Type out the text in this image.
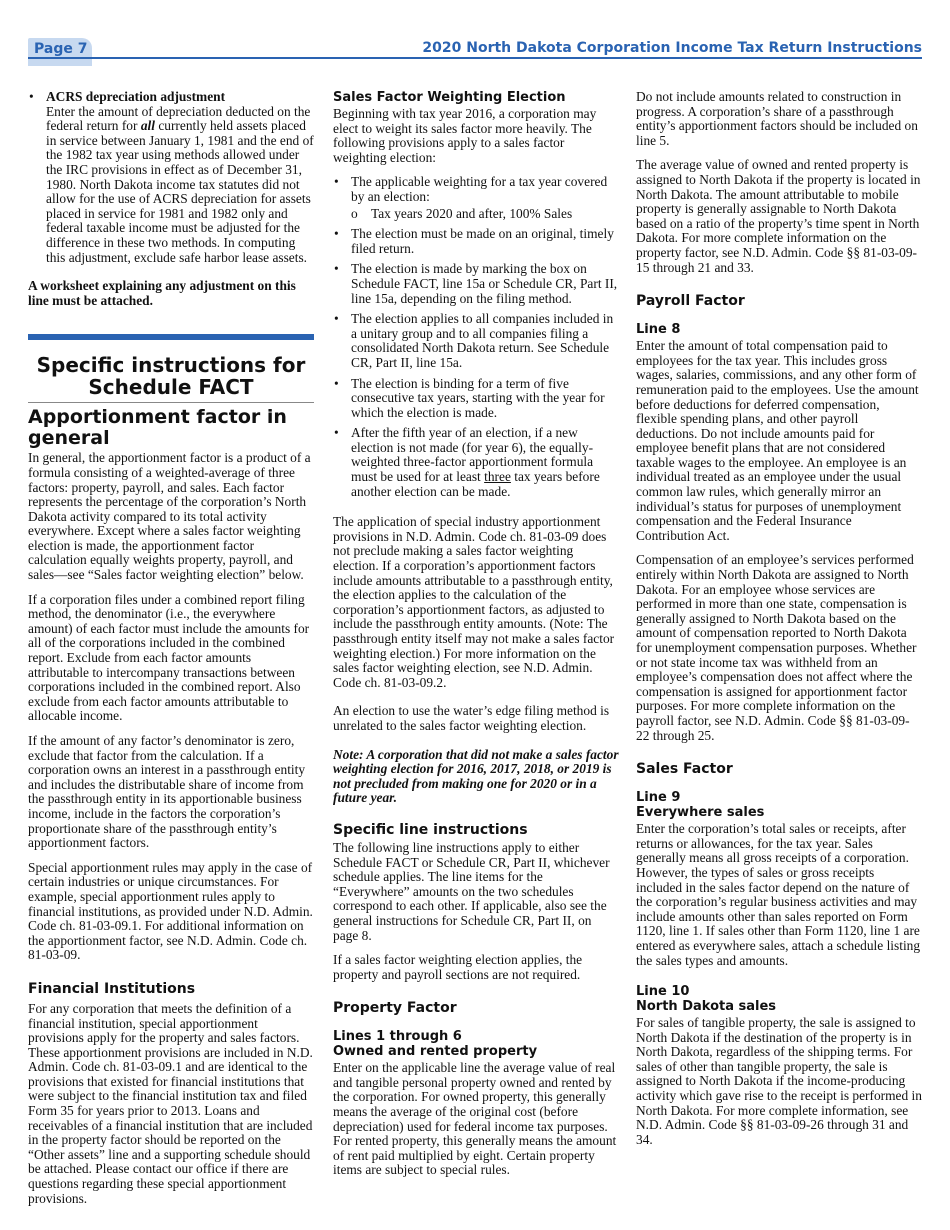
Page 7	2020 North Dakota Corporation Income Tax Return Instructions
• ACRS depreciation adjustment
Enter the amount of depreciation deducted on the federal return for all currently held assets placed in service between January 1, 1981 and the end of the 1982 tax year using methods allowed under the IRC provisions in effect as of December 31, 1980. North Dakota income tax statutes did not allow for the use of ACRS depreciation for assets placed in service for 1981 and 1982 only and federal taxable income must be adjusted for the difference in these two methods. In computing this adjustment, exclude safe harbor lease assets.

A worksheet explaining any adjustment on this line must be attached.

Specific instructions for
Schedule FACT
Apportionment factor in general

In general, the apportionment factor is a product of a formula consisting of a weighted-average of three factors: property, payroll, and sales. Each factor represents the percentage of the corporation’s North Dakota activity compared to its total activity everywhere. Except where a sales factor weighting election is made, the apportionment factor calculation equally weights property, payroll, and sales—see “Sales factor weighting election” below.

If a corporation files under a combined report filing method, the denominator (i.e., the everywhere amount) of each factor must include the amounts for all of the corporations included in the combined report. Exclude from each factor amounts attributable to intercompany transactions between corporations included in the combined report. Also exclude from each factor amounts attributable to allocable income.

If the amount of any factor’s denominator is zero, exclude that factor from the calculation. If a corporation owns an interest in a passthrough entity and includes the distributable share of income from the passthrough entity in its apportionable business income, include in the factors the corporation’s proportionate share of the passthrough entity’s apportionment factors.

Special apportionment rules may apply in the case of certain industries or unique circumstances. For example, special apportionment rules apply to financial institutions, as provided under N.D. Admin. Code ch. 81-03-09.1. For additional information on the apportionment factor, see N.D. Admin. Code ch. 81-03-09.

Financial Institutions

For any corporation that meets the definition of a financial institution, special apportionment provisions apply for the property and sales factors. These apportionment provisions are included in N.D. Admin. Code ch. 81-03-09.1 and are identical to the provisions that existed for financial institutions that were subject to the financial institution tax and filed Form 35 for years prior to 2013. Loans and receivables of a financial institution that are included in the property factor should be reported on the “Other assets” line and a supporting schedule should be attached. Please contact our office if there are questions regarding these special apportionment provisions.

Sales Factor Weighting Election

Beginning with tax year 2016, a corporation may elect to weight its sales factor more heavily. The following provisions apply to a sales factor weighting election:

• The applicable weighting for a tax year covered by an election:
o Tax years 2020 and after, 100% Sales
• The election must be made on an original, timely filed return.
• The election is made by marking the box on Schedule FACT, line 15a or Schedule CR, Part II, line 15a, depending on the filing method.
• The election applies to all companies included in a unitary group and to all companies filing a consolidated North Dakota return. See Schedule CR, Part II, line 15a.
• The election is binding for a term of five consecutive tax years, starting with the year for which the election is made.
• After the fifth year of an election, if a new election is not made (for year 6), the equally-weighted three-factor apportionment formula must be used for at least three tax years before another election can be made.

The application of special industry apportionment provisions in N.D. Admin. Code ch. 81-03-09 does not preclude making a sales factor weighting election. If a corporation’s apportionment factors include amounts attributable to a passthrough entity, the election applies to the calculation of the corporation’s apportionment factors, as adjusted to include the passthrough entity amounts. (Note: The passthrough entity itself may not make a sales factor weighting election.) For more information on the sales factor weighting election, see N.D. Admin. Code ch. 81-03-09.2.

An election to use the water’s edge filing method is unrelated to the sales factor weighting election.

Note: A corporation that did not make a sales factor weighting election for 2016, 2017, 2018, or 2019 is not precluded from making one for 2020 or in a future year.

Specific line instructions

The following line instructions apply to either Schedule FACT or Schedule CR, Part II, whichever schedule applies. The line items for the “Everywhere” amounts on the two schedules correspond to each other. If applicable, also see the general instructions for Schedule CR, Part II, on page 8.

If a sales factor weighting election applies, the property and payroll sections are not required.

Property Factor
Lines 1 through 6
Owned and rented property

Enter on the applicable line the average value of real and tangible personal property owned and rented by the corporation. For owned property, this generally means the average of the original cost (before depreciation) used for federal income tax purposes. For rented property, this generally means the amount of rent paid multiplied by eight. Certain property items are subject to special rules.

Do not include amounts related to construction in progress. A corporation’s share of a passthrough entity’s apportionment factors should be included on line 5.

The average value of owned and rented property is assigned to North Dakota if the property is located in North Dakota. The amount attributable to mobile property is generally assignable to North Dakota based on a ratio of the property’s time spent in North Dakota. For more complete information on the property factor, see N.D. Admin. Code §§ 81-03-09-15 through 21 and 33.

Payroll Factor
Line 8

Enter the amount of total compensation paid to employees for the tax year. This includes gross wages, salaries, commissions, and any other form of remuneration paid to the employees. Use the amount before deductions for deferred compensation, flexible spending plans, and other payroll deductions. Do not include amounts paid for employee benefit plans that are not considered taxable wages to the employee. An employee is an individual treated as an employee under the usual common law rules, which generally mirror an individual’s status for purposes of unemployment compensation and the Federal Insurance Contribution Act.

Compensation of an employee’s services performed entirely within North Dakota are assigned to North Dakota. For an employee whose services are performed in more than one state, compensation is generally assigned to North Dakota based on the amount of compensation reported to North Dakota for unemployment compensation purposes. Whether or not state income tax was withheld from an employee’s compensation does not affect where the compensation is assigned for apportionment factor purposes. For more complete information on the payroll factor, see N.D. Admin. Code §§ 81-03-09-22 through 25.

Sales Factor
Line 9
Everywhere sales

Enter the corporation’s total sales or receipts, after returns or allowances, for the tax year. Sales generally means all gross receipts of a corporation. However, the types of sales or gross receipts included in the sales factor depend on the nature of the corporation’s regular business activities and may include amounts other than sales reported on Form 1120, line 1. If sales other than Form 1120, line 1 are entered as everywhere sales, attach a schedule listing the sales types and amounts.

Line 10
North Dakota sales

For sales of tangible property, the sale is assigned to North Dakota if the destination of the property is in North Dakota, regardless of the shipping terms. For sales of other than tangible property, the sale is assigned to North Dakota if the income-producing activity which gave rise to the receipt is performed in North Dakota. For more complete information, see N.D. Admin. Code §§ 81-03-09-26 through 31 and 34.
